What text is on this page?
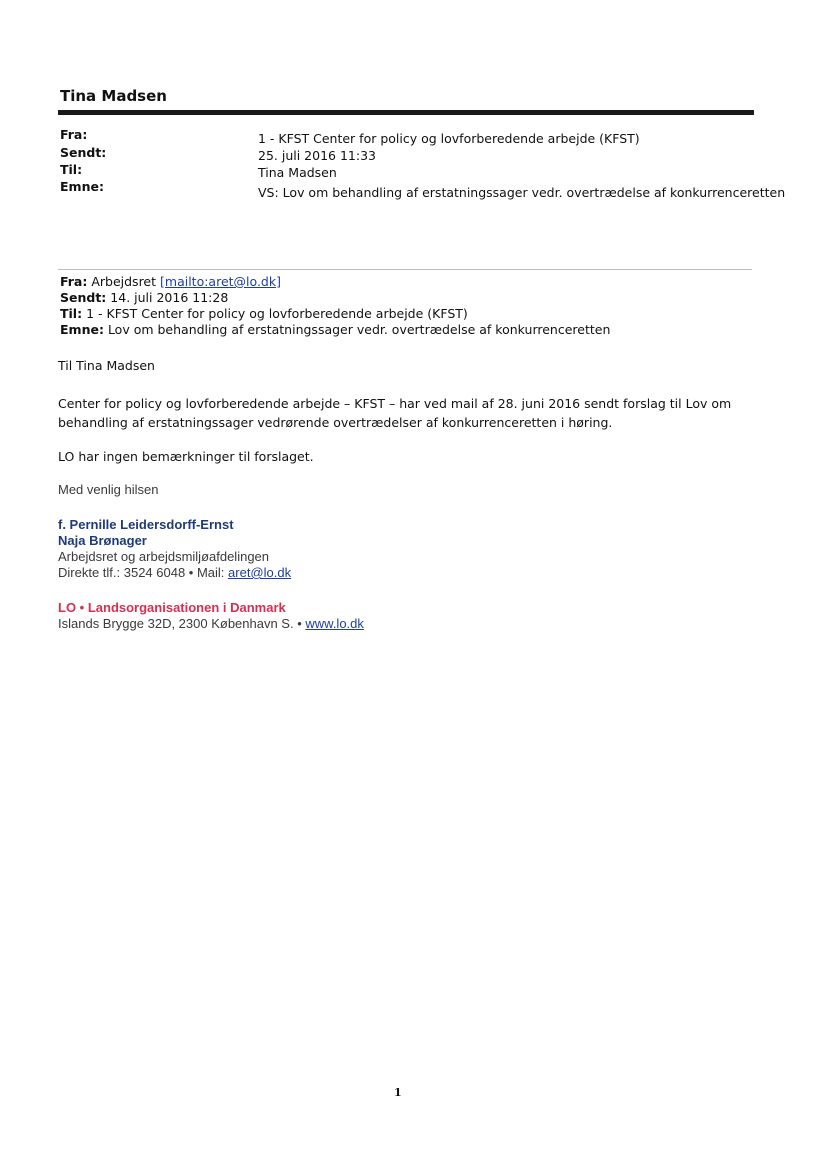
Tina Madsen
Fra:	1 - KFST Center for policy og lovforberedende arbejde (KFST)
Sendt:	25. juli 2016 11:33
Til:	Tina Madsen
Emne:	VS: Lov om behandling af erstatningssager vedr. overtrædelse af konkurrenceretten
Fra: Arbejdsret [mailto:aret@lo.dk]
Sendt: 14. juli 2016 11:28
Til: 1 - KFST Center for policy og lovforberedende arbejde (KFST)
Emne: Lov om behandling af erstatningssager vedr. overtrædelse af konkurrenceretten
Til Tina Madsen
Center for policy og lovforberedende arbejde – KFST – har ved mail af 28. juni 2016 sendt forslag til Lov om
behandling af erstatningssager vedrørende overtrædelser af konkurrenceretten i høring.
LO har ingen bemærkninger til forslaget.
Med venlig hilsen
f. Pernille Leidersdorff-Ernst
Naja Brønager
Arbejdsret og arbejdsmiljøafdelingen
Direkte tlf.: 3524 6048 • Mail: aret@lo.dk
LO • Landsorganisationen i Danmark
Islands Brygge 32D, 2300 København S. • www.lo.dk
1
